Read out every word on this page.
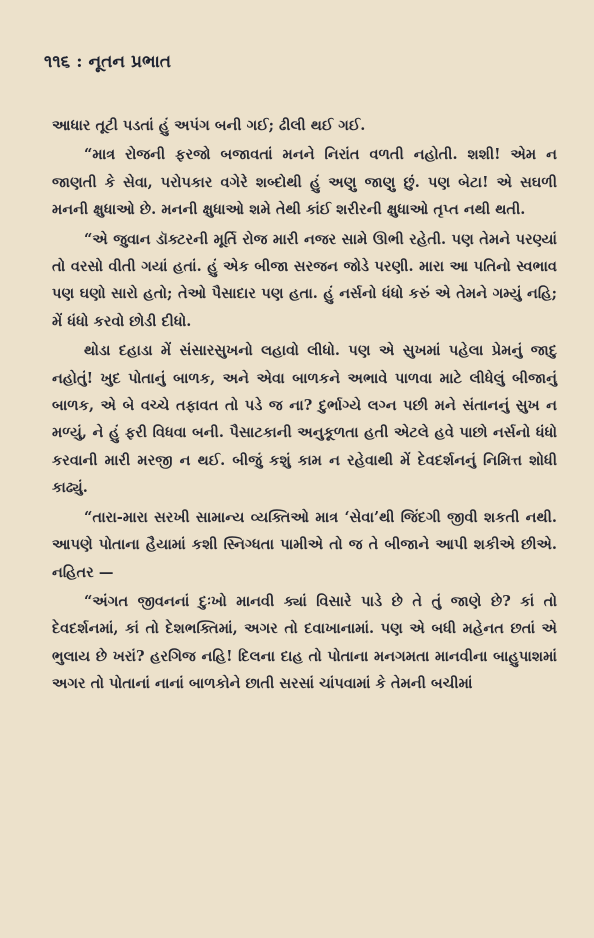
૧૧૬ : નૂતન પ્રભાત

આધાર તૂટી પડતાં હું અપંગ બની ગઈ; ઢીલી થઈ ગઈ.

“માત્ર રોજની ફરજો બજાવતાં મનને નિરાંત વળતી નહોતી. શશી! એમ ન જાણતી કે સેવા, પરોપકાર વગેરે શબ્દોથી હું અણુ જાણુ છું. પણ બેટા! એ સઘળી મનની ક્ષુધાઓ છે. મનની ક્ષુધાઓ શમે તેથી કાંઈ શરીરની ક્ષુધાઓ તૃપ્ત નથી થતી.

“એ જુવાન ડૉક્ટરની મૂર્તિ રોજ મારી નજર સામે ઊભી રહેતી. પણ તેમને પરણ્યાં તો વરસો વીતી ગયાં હતાં. હું એક બીજા સરજન જોડે પરણી. મારા આ પતિનો સ્વભાવ પણ ઘણો સારો હતો; તેઓ પૈસાદાર પણ હતા. હું નર્સનો ધંધો કરું એ તેમને ગમ્યું નહિ; મેં ધંધો કરવો છોડી દીધો.

થોડા દહાડા મેં સંસારસુખનો લહાવો લીધો. પણ એ સુખમાં પહેલા પ્રેમનું જાદુ નહોતું! ખુદ પોતાનું બાળક, અને એવા બાળકને અભાવે પાળવા માટે લીધેલું બીજાનું બાળક, એ બે વચ્ચે તફાવત તો પડે જ ના? દુર્ભાગ્યે લગ્ન પછી મને સંતાનનું સુખ ન મળ્યું, ને હું ફરી વિધવા બની. પૈસાટકાની અનુકૂળતા હતી એટલે હવે પાછો નર્સનો ધંધો કરવાની મારી મરજી ન થઈ. બીજું કશું કામ ન રહેવાથી મેં દેવદર્શનનું નિમિત્ત શોધી કાઢ્યું.

“તારા-મારા સરખી સામાન્ય વ્યક્તિઓ માત્ર ‘સેવા’થી જિંદગી જીવી શકતી નથી. આપણે પોતાના હૈયામાં કશી સ્નિગ્ધતા પામીએ તો જ તે બીજાને આપી શકીએ છીએ. નહિતર —

“અંગત જીવનનાં દુઃખો માનવી ક્યાં વિસારે પાડે છે તે તું જાણે છે? કાં તો દેવદર્શનમાં, કાં તો દેશભક્તિમાં, અગર તો દવાખાનામાં. પણ એ બધી મહેનત છતાં એ ભુલાય છે ખરાં? હરગિજ નહિ! દિલના દાહ તો પોતાના મનગમતા માનવીના બાહુપાશમાં અગર તો પોતાનાં નાનાં બાળકોને છાતી સરસાં ચાંપવામાં કે તેમની બચીમાં
